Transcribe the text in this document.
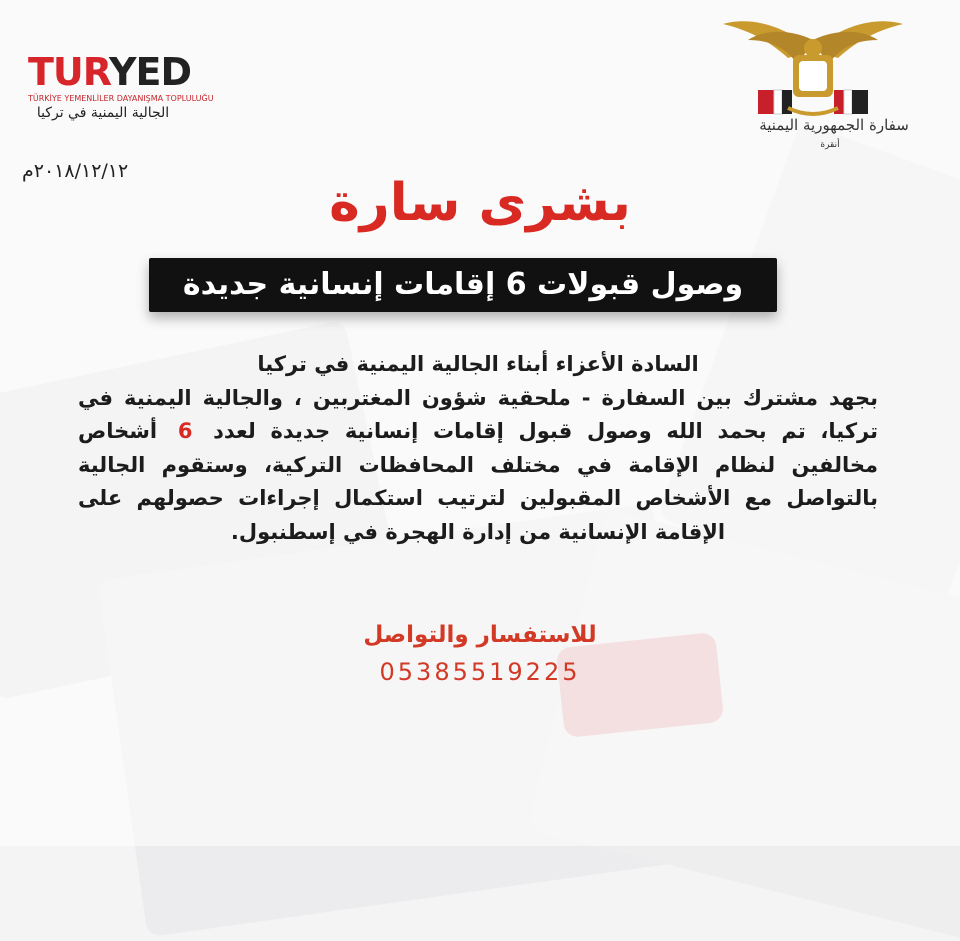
TURYED
TÜRKİYE YEMENLİLER DAYANIŞMA TOPLULUĞU
الجالية اليمنية في تركيا
سفارة الجمهورية اليمنية
أنقرة
٢٠١٨/١٢/١٢م
بشرى سارة
وصول قبولات 6 إقامات إنسانية جديدة
السادة الأعزاء أبناء الجالية اليمنية في تركيا
بجهد مشترك بين السفارة - ملحقية شؤون المغتربين ، والجالية اليمنية في تركيا، تم بحمد الله وصول قبول إقامات إنسانية جديدة لعدد 6 أشخاص مخالفين لنظام الإقامة في مختلف المحافظات التركية، وستقوم الجالية بالتواصل مع الأشخاص المقبولين لترتيب استكمال إجراءات حصولهم على الإقامة الإنسانية من إدارة الهجرة في إسطنبول.
للاستفسار والتواصل
05385519225
